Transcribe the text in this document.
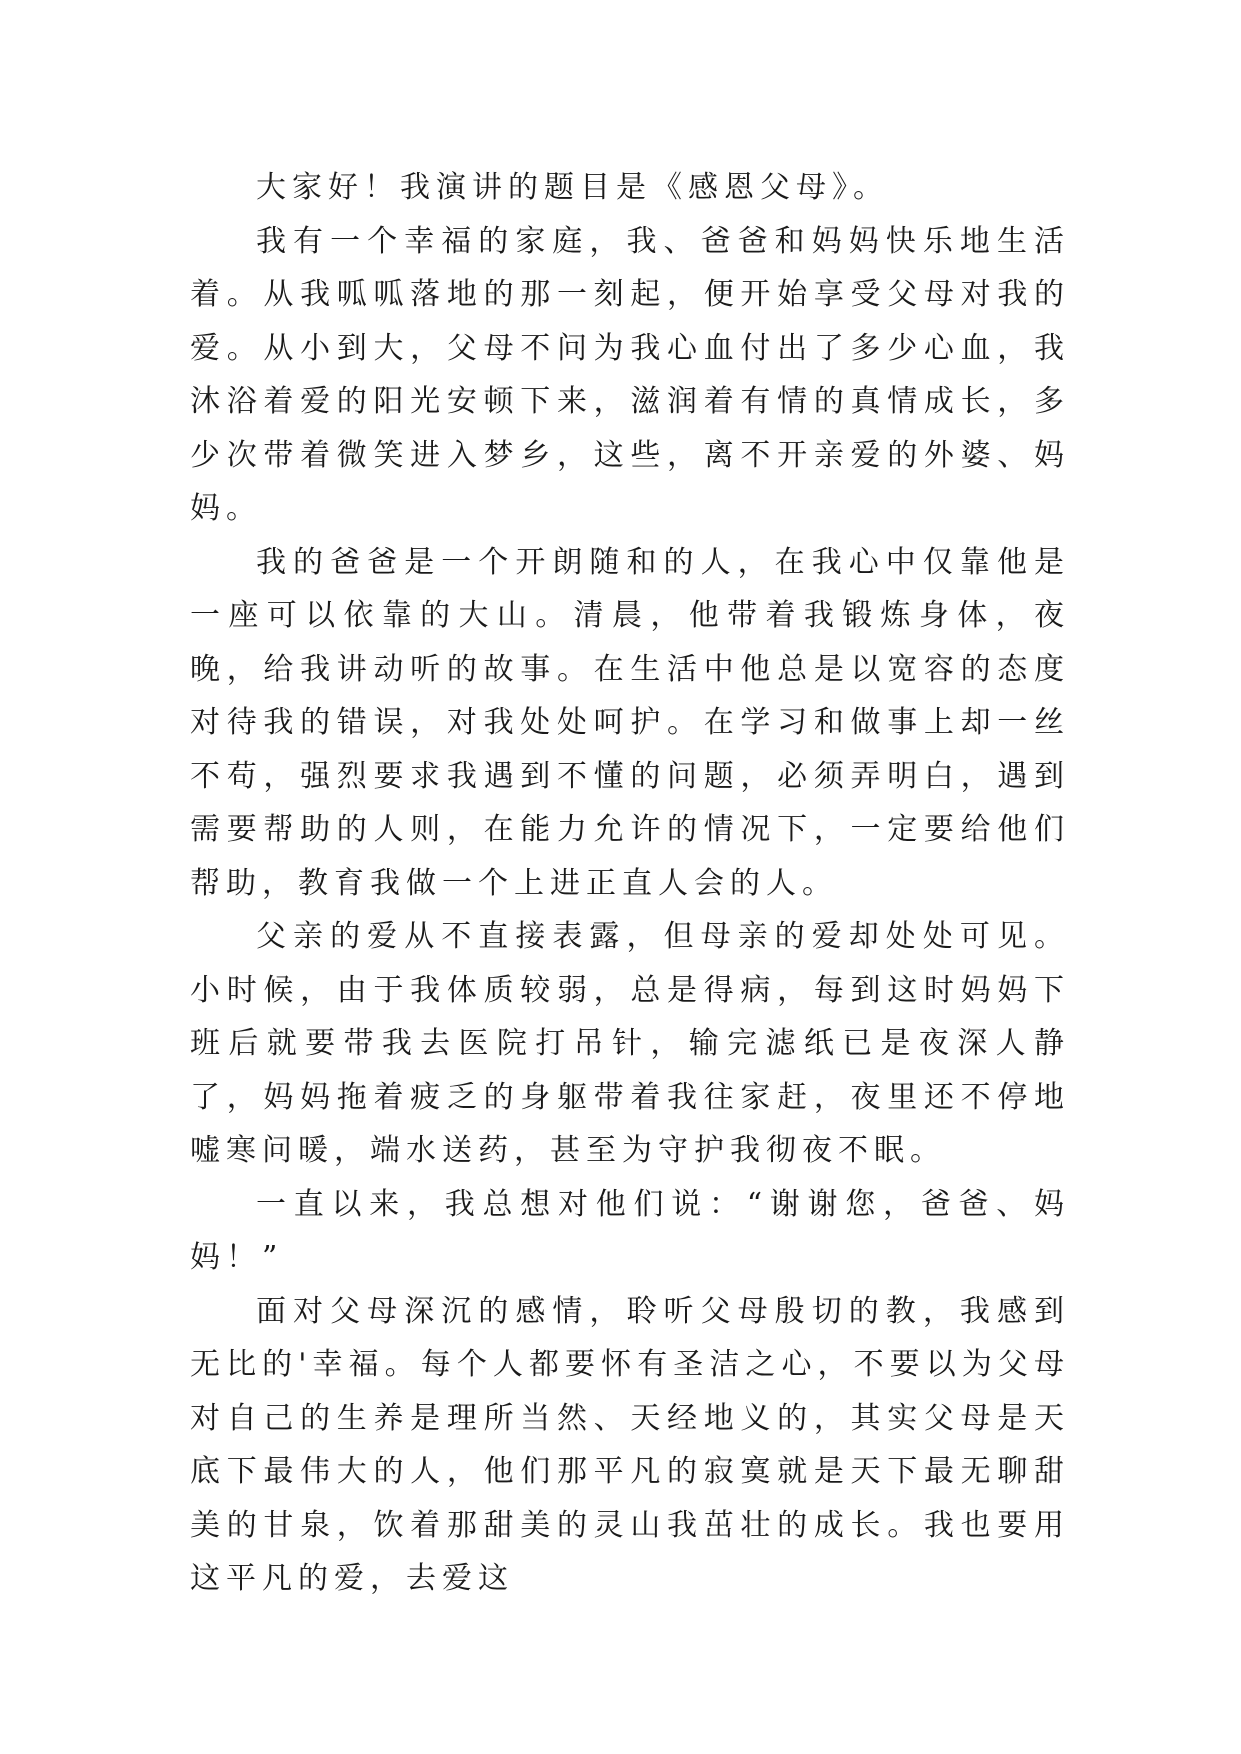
大家好！我演讲的题目是《感恩父母》。

我有一个幸福的家庭，我、爸爸和妈妈快乐地生活着。从我呱呱落地的那一刻起，便开始享受父母对我的爱。从小到大，父母不问为我心血付出了多少心血，我沐浴着爱的阳光安顿下来，滋润着有情的真情成长，多少次带着微笑进入梦乡，这些，离不开亲爱的外婆、妈妈。

我的爸爸是一个开朗随和的人，在我心中仅靠他是一座可以依靠的大山。清晨，他带着我锻炼身体，夜晚，给我讲动听的故事。在生活中他总是以宽容的态度对待我的错误，对我处处呵护。在学习和做事上却一丝不苟，强烈要求我遇到不懂的问题，必须弄明白，遇到需要帮助的人则，在能力允许的情况下，一定要给他们帮助，教育我做一个上进正直人会的人。

父亲的爱从不直接表露，但母亲的爱却处处可见。小时候，由于我体质较弱，总是得病，每到这时妈妈下班后就要带我去医院打吊针，输完滤纸已是夜深人静了，妈妈拖着疲乏的身躯带着我往家赶，夜里还不停地嘘寒问暖，端水送药，甚至为守护我彻夜不眠。

一直以来，我总想对他们说：“谢谢您，爸爸、妈妈！”

面对父母深沉的感情，聆听父母殷切的教，我感到无比的'幸福。每个人都要怀有圣洁之心，不要以为父母对自己的生养是理所当然、天经地义的，其实父母是天底下最伟大的人，他们那平凡的寂寞就是天下最无聊甜美的甘泉，饮着那甜美的灵山我茁壮的成长。我也要用这平凡的爱，去爱这
